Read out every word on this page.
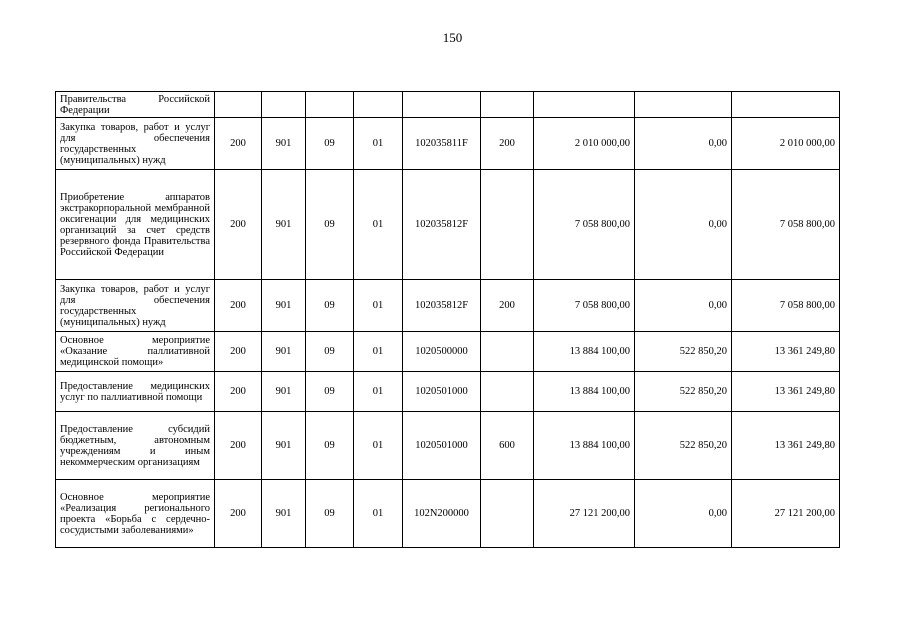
150
Правительства Российской Федерации									
Закупка товаров, работ и услуг для обеспечения государственных (муниципальных) нужд	200	901	09	01	102035811F	200	2 010 000,00	0,00	2 010 000,00
Приобретение аппаратов экстракорпоральной мембранной оксигенации для медицинских организаций за счет средств резервного фонда Правительства Российской Федерации	200	901	09	01	102035812F		7 058 800,00	0,00	7 058 800,00
Закупка товаров, работ и услуг для обеспечения государственных (муниципальных) нужд	200	901	09	01	102035812F	200	7 058 800,00	0,00	7 058 800,00
Основное мероприятие «Оказание паллиативной медицинской помощи»	200	901	09	01	1020500000		13 884 100,00	522 850,20	13 361 249,80
Предоставление медицинских услуг по паллиативной помощи	200	901	09	01	1020501000		13 884 100,00	522 850,20	13 361 249,80
Предоставление субсидий бюджетным, автономным учреждениям и иным некоммерческим организациям	200	901	09	01	1020501000	600	13 884 100,00	522 850,20	13 361 249,80
Основное мероприятие «Реализация регионального проекта «Борьба с сердечно-сосудистыми заболеваниями»	200	901	09	01	102N200000		27 121 200,00	0,00	27 121 200,00
